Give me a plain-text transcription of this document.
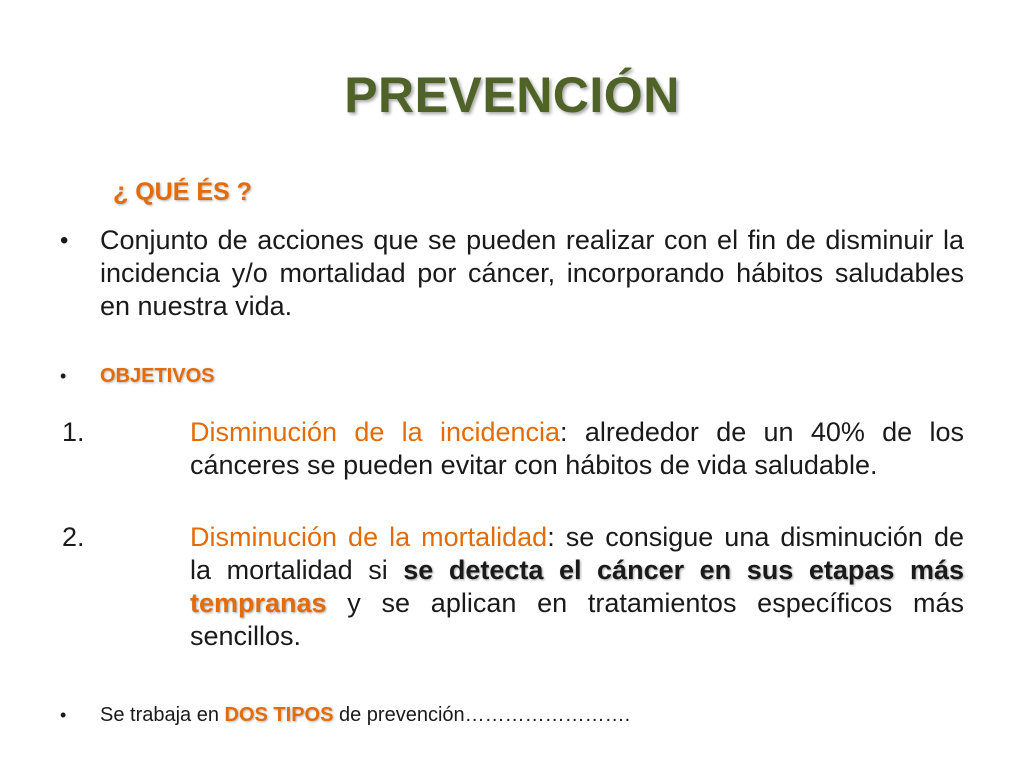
PREVENCIÓN
¿ QUÉ ÉS ?
• Conjunto de acciones que se pueden realizar con el fin de disminuir la incidencia y/o mortalidad por cáncer, incorporando hábitos saludables en nuestra vida.
• OBJETIVOS
1.	Disminución de la incidencia: alrededor de un 40% de los cánceres se pueden evitar con hábitos de vida saludable.
2.	Disminución de la mortalidad: se consigue una disminución de la mortalidad si se detecta el cáncer en sus etapas más tempranas y se aplican en tratamientos específicos más sencillos.
• Se trabaja en DOS TIPOS de prevención…………………….
